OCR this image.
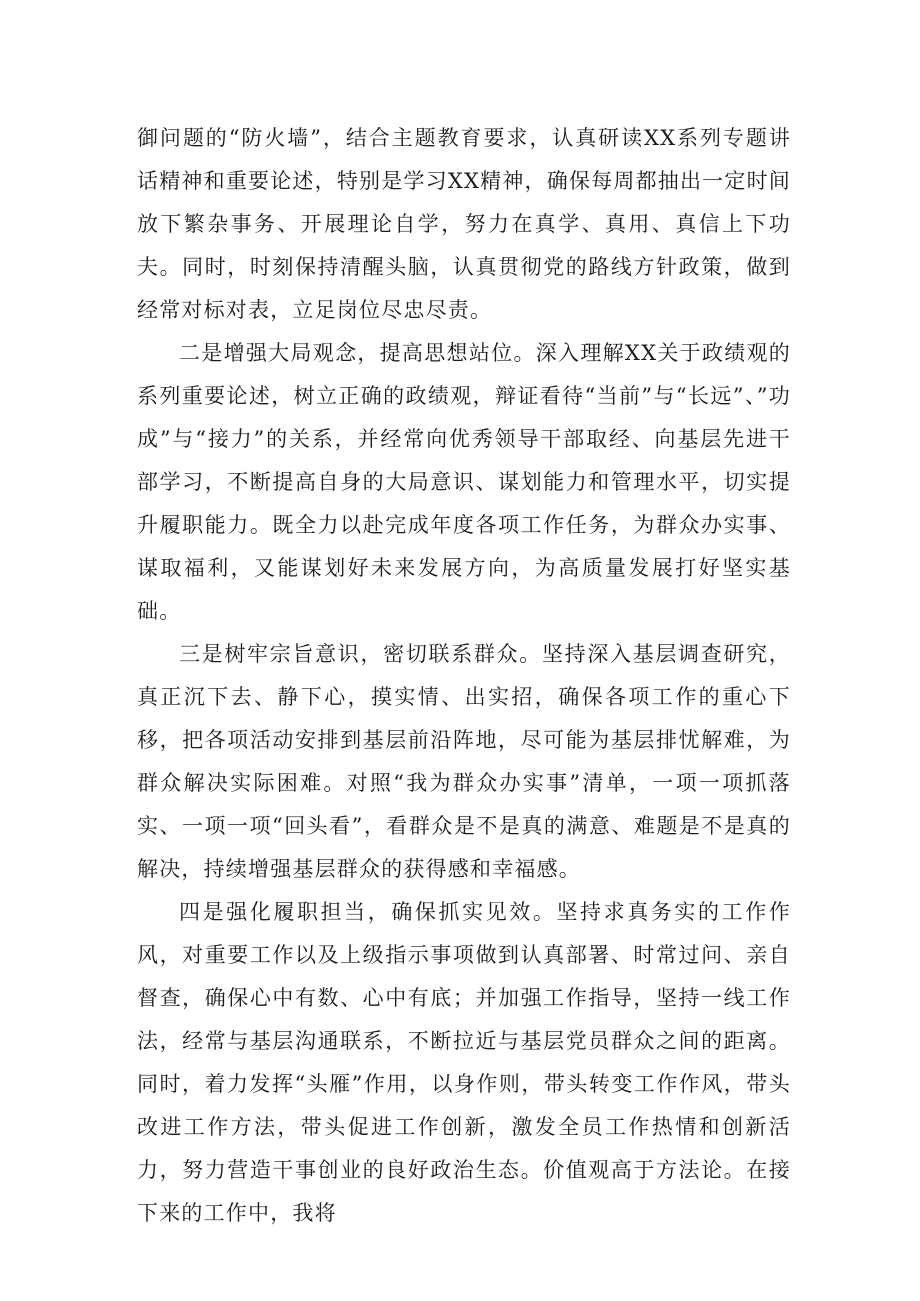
御问题的“防火墙”，结合主题教育要求，认真研读XX系列专题讲话精神和重要论述，特别是学习XX精神，确保每周都抽出一定时间放下繁杂事务、开展理论自学，努力在真学、真用、真信上下功夫。同时，时刻保持清醒头脑，认真贯彻党的路线方针政策，做到经常对标对表，立足岗位尽忠尽责。

二是增强大局观念，提高思想站位。深入理解XX关于政绩观的系列重要论述，树立正确的政绩观，辩证看待“当前”与“长远”、”功成”与“接力”的关系，并经常向优秀领导干部取经、向基层先进干部学习，不断提高自身的大局意识、谋划能力和管理水平，切实提升履职能力。既全力以赴完成年度各项工作任务，为群众办实事、谋取福利，又能谋划好未来发展方向，为高质量发展打好坚实基础。

三是树牢宗旨意识，密切联系群众。坚持深入基层调查研究，真正沉下去、静下心，摸实情、出实招，确保各项工作的重心下移，把各项活动安排到基层前沿阵地，尽可能为基层排忧解难，为群众解决实际困难。对照“我为群众办实事”清单，一项一项抓落实、一项一项“回头看”，看群众是不是真的满意、难题是不是真的解决，持续增强基层群众的获得感和幸福感。

四是强化履职担当，确保抓实见效。坚持求真务实的工作作风，对重要工作以及上级指示事项做到认真部署、时常过问、亲自督查，确保心中有数、心中有底；并加强工作指导，坚持一线工作法，经常与基层沟通联系，不断拉近与基层党员群众之间的距离。同时，着力发挥“头雁”作用，以身作则，带头转变工作作风，带头改进工作方法，带头促进工作创新，激发全员工作热情和创新活力，努力营造干事创业的良好政治生态。价值观高于方法论。在接下来的工作中，我将
